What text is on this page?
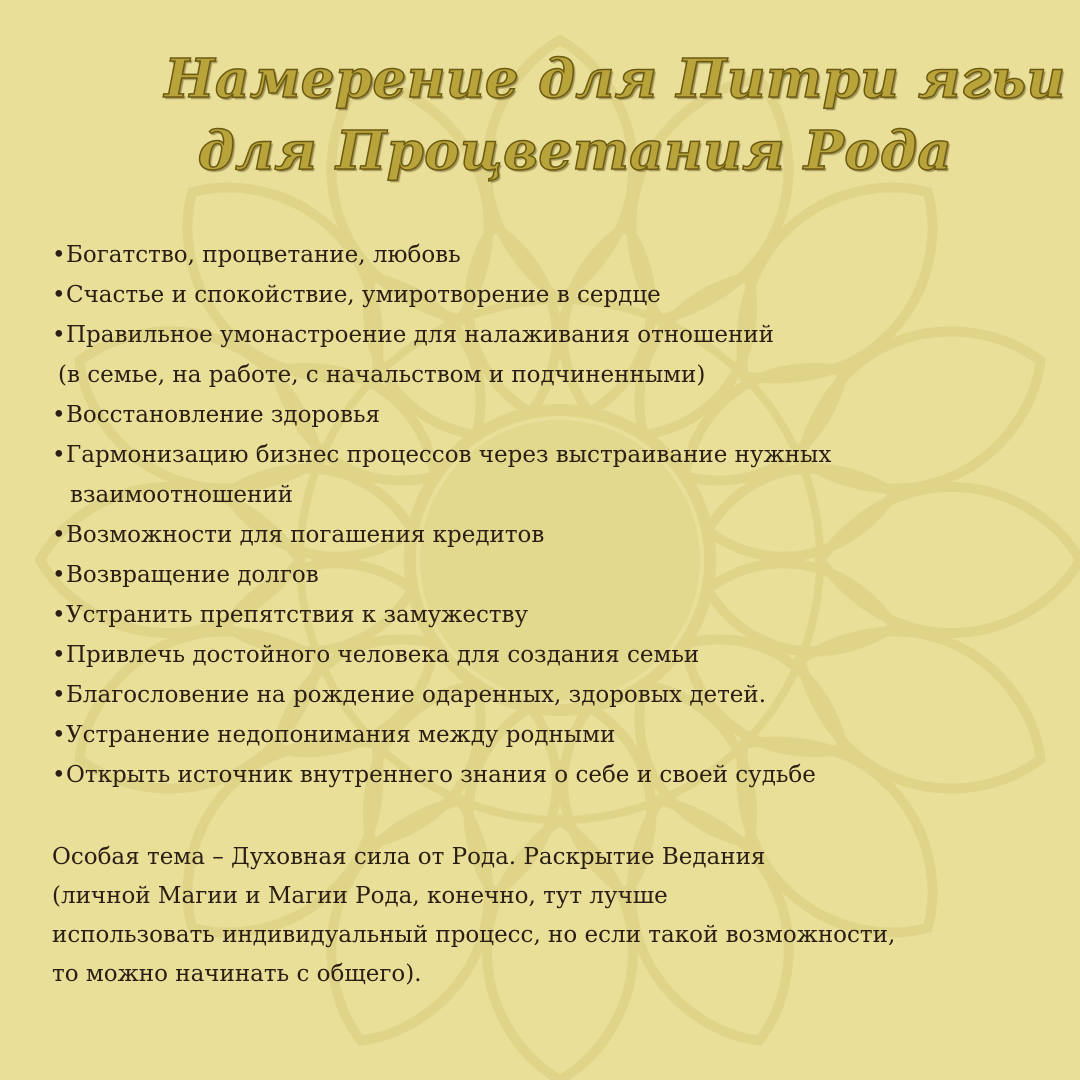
Намерение для Питри ягьи
для Процветания Рода
•Богатство, процветание, любовь
•Счастье и спокойствие, умиротворение в сердце
•Правильное умонастроение для налаживания отношений
(в семье, на работе, с начальством и подчиненными)
•Восстановление здоровья
•Гармонизацию бизнес процессов через выстраивание нужных
взаимоотношений
•Возможности для погашения кредитов
•Возвращение долгов
•Устранить препятствия к замужеству
•Привлечь достойного человека для создания семьи
•Благословение на рождение одаренных, здоровых детей.
•Устранение недопонимания между родными
•Открыть источник внутреннего знания о себе и своей судьбе
Особая тема – Духовная сила от Рода. Раскрытие Ведания
(личной Магии и Магии Рода, конечно, тут лучше
использовать индивидуальный процесс, но если такой возможности,
то можно начинать с общего).
